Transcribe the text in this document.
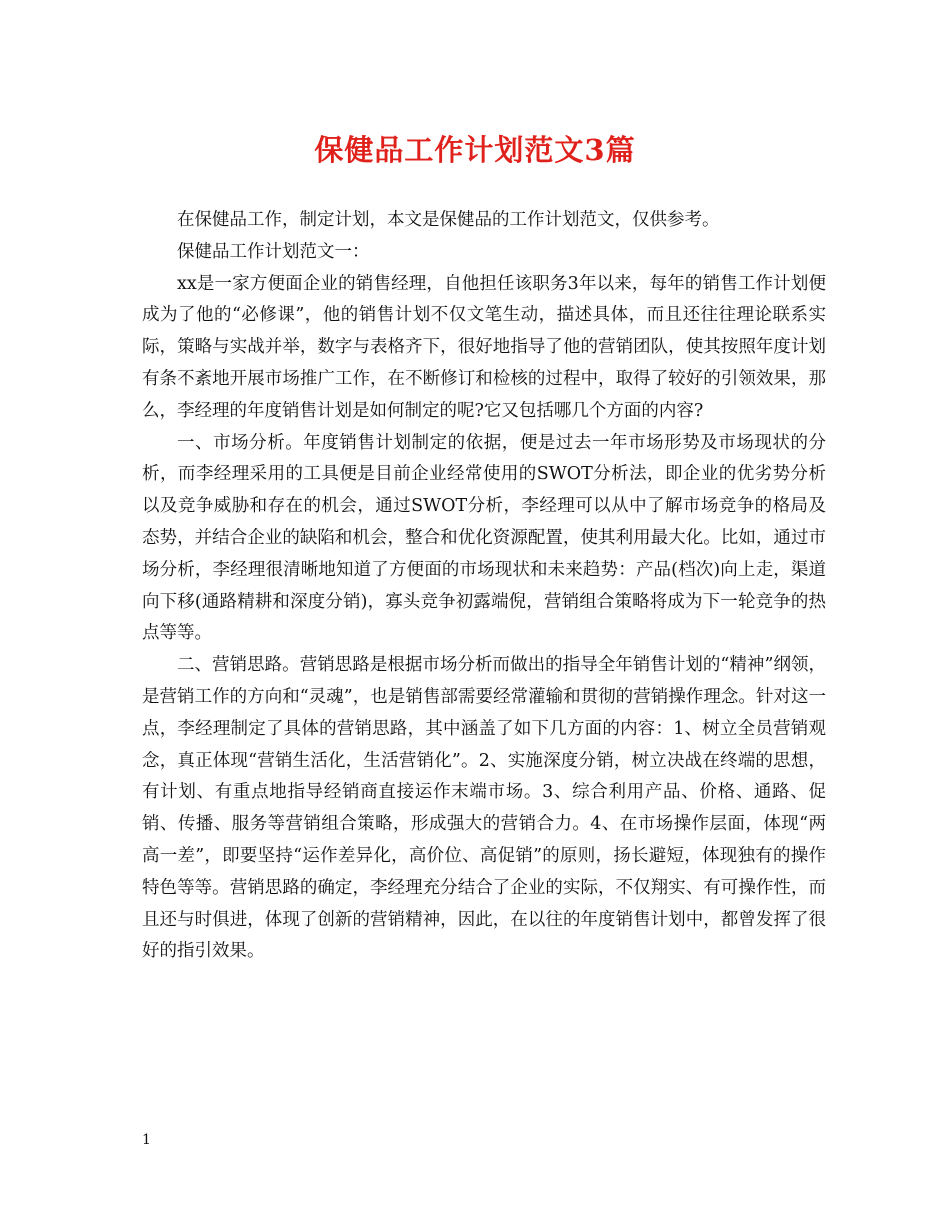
保健品工作计划范文3篇

在保健品工作，制定计划，本文是保健品的工作计划范文，仅供参考。

保健品工作计划范文一：

xx是一家方便面企业的销售经理，自他担任该职务3年以来，每年的销售工作计划便成为了他的“必修课”，他的销售计划不仅文笔生动，描述具体，而且还往往理论联系实际，策略与实战并举，数字与表格齐下，很好地指导了他的营销团队，使其按照年度计划有条不紊地开展市场推广工作，在不断修订和检核的过程中，取得了较好的引领效果，那么，李经理的年度销售计划是如何制定的呢?它又包括哪几个方面的内容?

一、市场分析。年度销售计划制定的依据，便是过去一年市场形势及市场现状的分析，而李经理采用的工具便是目前企业经常使用的SWOT分析法，即企业的优劣势分析以及竞争威胁和存在的机会，通过SWOT分析，李经理可以从中了解市场竞争的格局及态势，并结合企业的缺陷和机会，整合和优化资源配置，使其利用最大化。比如，通过市场分析，李经理很清晰地知道了方便面的市场现状和未来趋势：产品(档次)向上走，渠道向下移(通路精耕和深度分销)，寡头竞争初露端倪，营销组合策略将成为下一轮竞争的热点等等。

二、营销思路。营销思路是根据市场分析而做出的指导全年销售计划的“精神”纲领，是营销工作的方向和“灵魂”，也是销售部需要经常灌输和贯彻的营销操作理念。针对这一点，李经理制定了具体的营销思路，其中涵盖了如下几方面的内容：1、树立全员营销观念，真正体现“营销生活化，生活营销化”。2、实施深度分销，树立决战在终端的思想，有计划、有重点地指导经销商直接运作末端市场。3、综合利用产品、价格、通路、促销、传播、服务等营销组合策略，形成强大的营销合力。4、在市场操作层面，体现“两高一差”，即要坚持“运作差异化，高价位、高促销”的原则，扬长避短，体现独有的操作特色等等。营销思路的确定，李经理充分结合了企业的实际，不仅翔实、有可操作性，而且还与时俱进，体现了创新的营销精神，因此，在以往的年度销售计划中，都曾发挥了很好的指引效果。

1
